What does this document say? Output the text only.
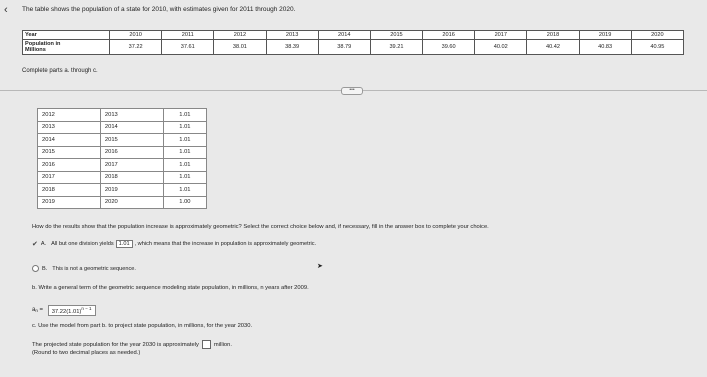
‹ The table shows the population of a state for 2010, with estimates given for 2011 through 2020.
Year	2010	2011	2012	2013	2014	2015	2016	2017	2018	2019	2020
Population in
Millions	37.22	37.61	38.01	38.39	38.79	39.21	39.60	40.02	40.42	40.83	40.95
Complete parts a. through c.
•••
2012	2013	1.01
2013	2014	1.01
2014	2015	1.01
2015	2016	1.01
2016	2017	1.01
2017	2018	1.01
2018	2019	1.01
2019	2020	1.00
How do the results show that the population increase is approximately geometric? Select the correct choice below and, if necessary, fill in the answer box to complete your choice.
✔ A. All but one division yields 1.01 , which means that the increase in population is approximately geometric.
B. This is not a geometric sequence.	➤
b. Write a general term of the geometric sequence modeling state population, in millions, n years after 2009.
a n =	$37.22(1.01)^{n - 1}$
c. Use the model from part b. to project state population, in millions, for the year 2030.
The projected state population for the year 2030 is approximately	million.
(Round to two decimal places as needed.)
